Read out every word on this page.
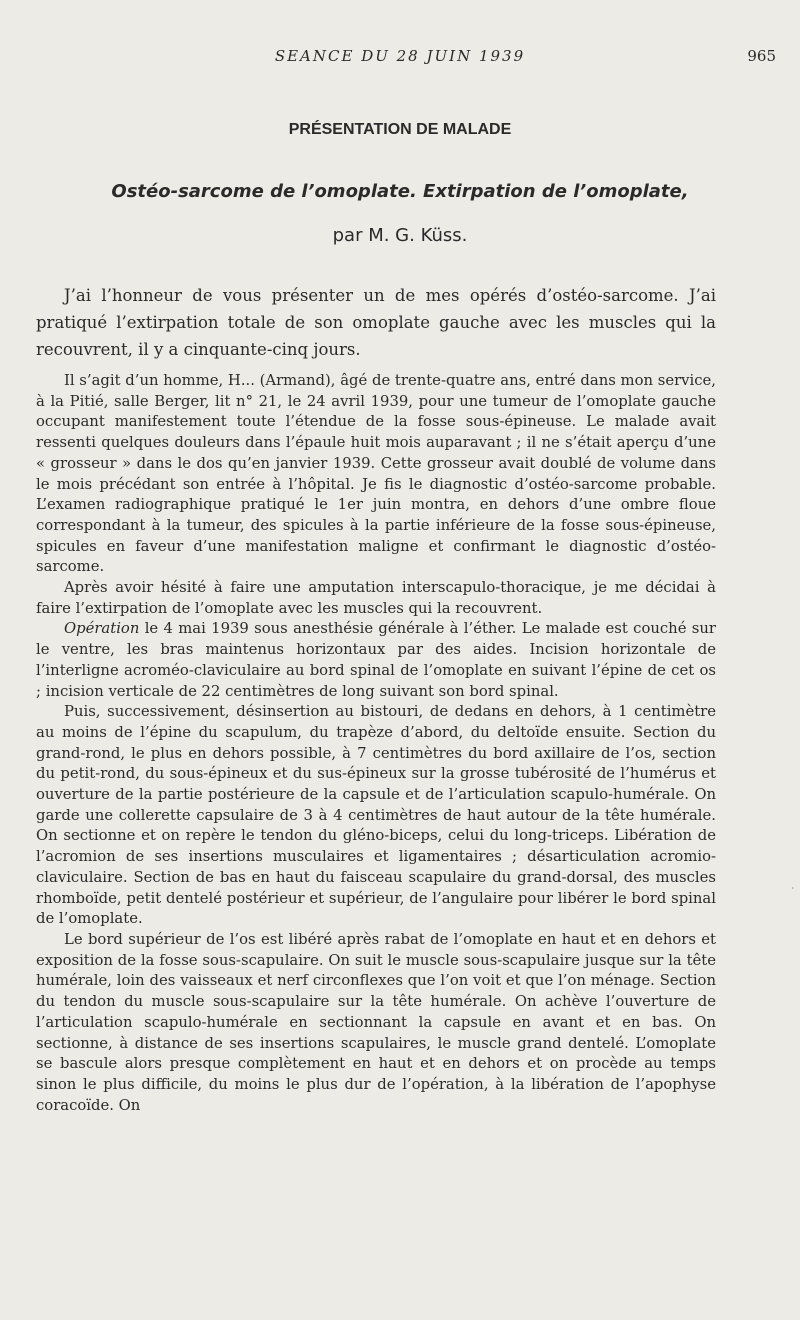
SEANCE DU 28 JUIN 1939	965
PRÉSENTATION DE MALADE
Ostéo-sarcome de l’omoplate. Extirpation de l’omoplate,
par M. G. Küss.

J’ai l’honneur de vous présenter un de mes opérés d’ostéo-sarcome. J’ai pratiqué l’extirpation totale de son omoplate gauche avec les muscles qui la recouvrent, il y a cinquante-cinq jours.

Il s’agit d’un homme, H... (Armand), âgé de trente-quatre ans, entré dans mon service, à la Pitié, salle Berger, lit n° 21, le 24 avril 1939, pour une tumeur de l’omoplate gauche occupant manifestement toute l’étendue de la fosse sous-épineuse. Le malade avait ressenti quelques douleurs dans l’épaule huit mois auparavant ; il ne s’était aperçu d’une « grosseur » dans le dos qu’en janvier 1939. Cette grosseur avait doublé de volume dans le mois précédant son entrée à l’hôpital. Je fis le diagnostic d’ostéo-sarcome probable. L’examen radiographique pratiqué le 1er juin montra, en dehors d’une ombre floue correspondant à la tumeur, des spicules à la partie inférieure de la fosse sous-épineuse, spicules en faveur d’une manifestation maligne et confirmant le diagnostic d’ostéo-sarcome.

Après avoir hésité à faire une amputation interscapulo-thoracique, je me décidai à faire l’extirpation de l’omoplate avec les muscles qui la recouvrent.

Opération le 4 mai 1939 sous anesthésie générale à l’éther. Le malade est couché sur le ventre, les bras maintenus horizontaux par des aides. Incision horizontale de l’interligne acroméo-claviculaire au bord spinal de l’omoplate en suivant l’épine de cet os ; incision verticale de 22 centimètres de long suivant son bord spinal.

Puis, successivement, désinsertion au bistouri, de dedans en dehors, à 1 centimètre au moins de l’épine du scapulum, du trapèze d’abord, du deltoïde ensuite. Section du grand-rond, le plus en dehors possible, à 7 centimètres du bord axillaire de l’os, section du petit-rond, du sous-épineux et du sus-épineux sur la grosse tubérosité de l’humérus et ouverture de la partie postérieure de la capsule et de l’articulation scapulo-humérale. On garde une collerette capsulaire de 3 à 4 centimètres de haut autour de la tête humérale. On sectionne et on repère le tendon du gléno-biceps, celui du long-triceps. Libération de l’acromion de ses insertions musculaires et ligamentaires ; désarticulation acromio-claviculaire. Section de bas en haut du faisceau scapulaire du grand-dorsal, des muscles rhomboïde, petit dentelé postérieur et supérieur, de l’angulaire pour libérer le bord spinal de l’omoplate.

Le bord supérieur de l’os est libéré après rabat de l’omoplate en haut et en dehors et exposition de la fosse sous-scapulaire. On suit le muscle sous-scapulaire jusque sur la tête humérale, loin des vaisseaux et nerf circonflexes que l’on voit et que l’on ménage. Section du tendon du muscle sous-scapulaire sur la tête humérale. On achève l’ouverture de l’articulation scapulo-humérale en sectionnant la capsule en avant et en bas. On sectionne, à distance de ses insertions scapulaires, le muscle grand dentelé. L’omoplate se bascule alors presque complètement en haut et en dehors et on procède au temps sinon le plus difficile, du moins le plus dur de l’opération, à la libération de l’apophyse coracoïde. On

ᐧ
